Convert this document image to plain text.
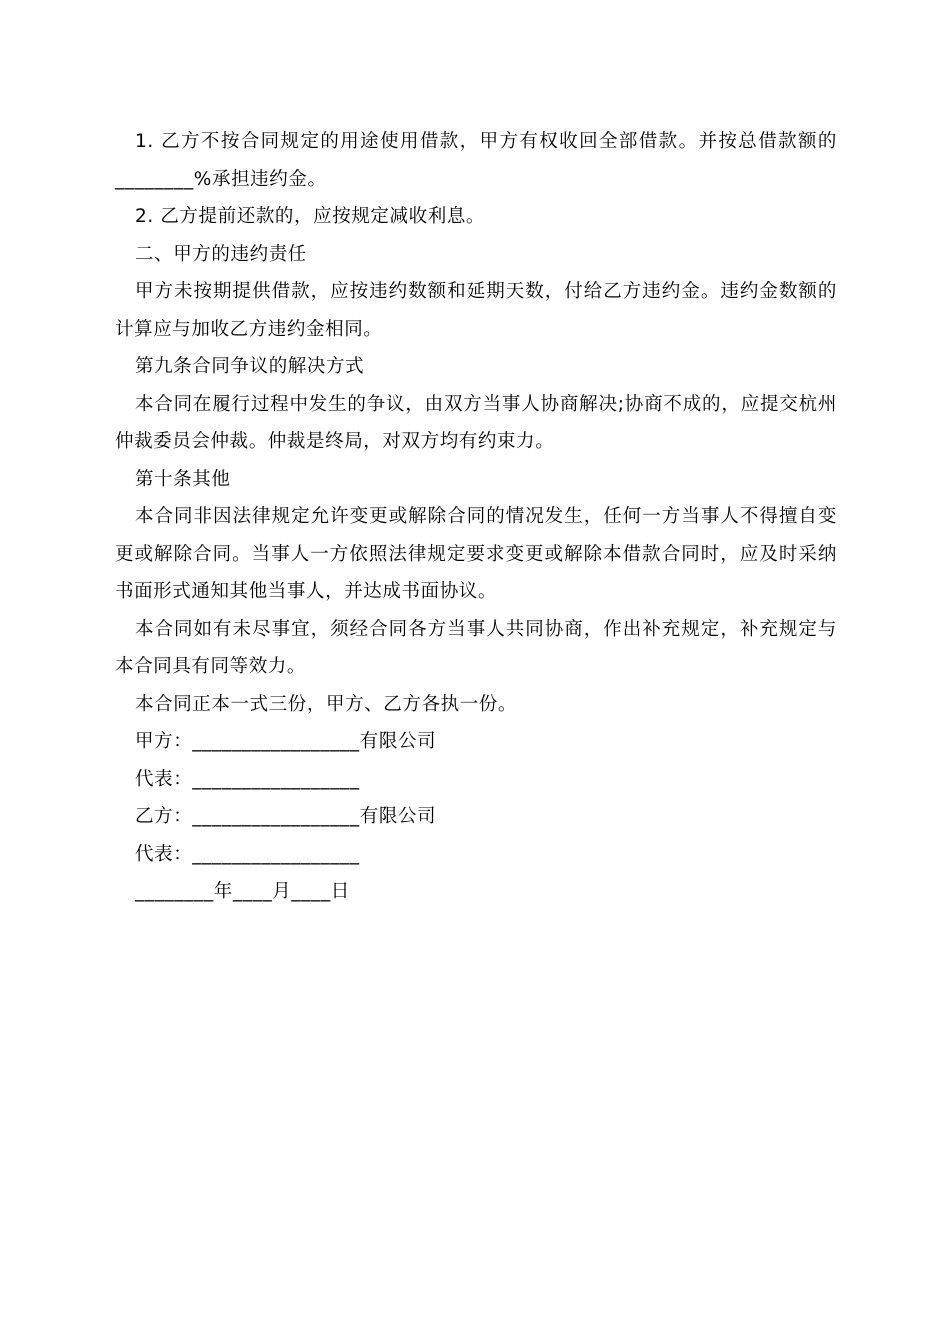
1. 乙方不按合同规定的用途使用借款，甲方有权收回全部借款。并按总借款额的________%承担违约金。

2. 乙方提前还款的，应按规定减收利息。

二、甲方的违约责任

甲方未按期提供借款，应按违约数额和延期天数，付给乙方违约金。违约金数额的计算应与加收乙方违约金相同。

第九条合同争议的解决方式

本合同在履行过程中发生的争议，由双方当事人协商解决;协商不成的，应提交杭州仲裁委员会仲裁。仲裁是终局，对双方均有约束力。

第十条其他

本合同非因法律规定允许变更或解除合同的情况发生，任何一方当事人不得擅自变更或解除合同。当事人一方依照法律规定要求变更或解除本借款合同时，应及时采纳书面形式通知其他当事人，并达成书面协议。

本合同如有未尽事宜，须经合同各方当事人共同协商，作出补充规定，补充规定与本合同具有同等效力。

本合同正本一式三份，甲方、乙方各执一份。

甲方：_________________有限公司

代表：_________________

乙方：_________________有限公司

代表：_________________

________年____月____日
